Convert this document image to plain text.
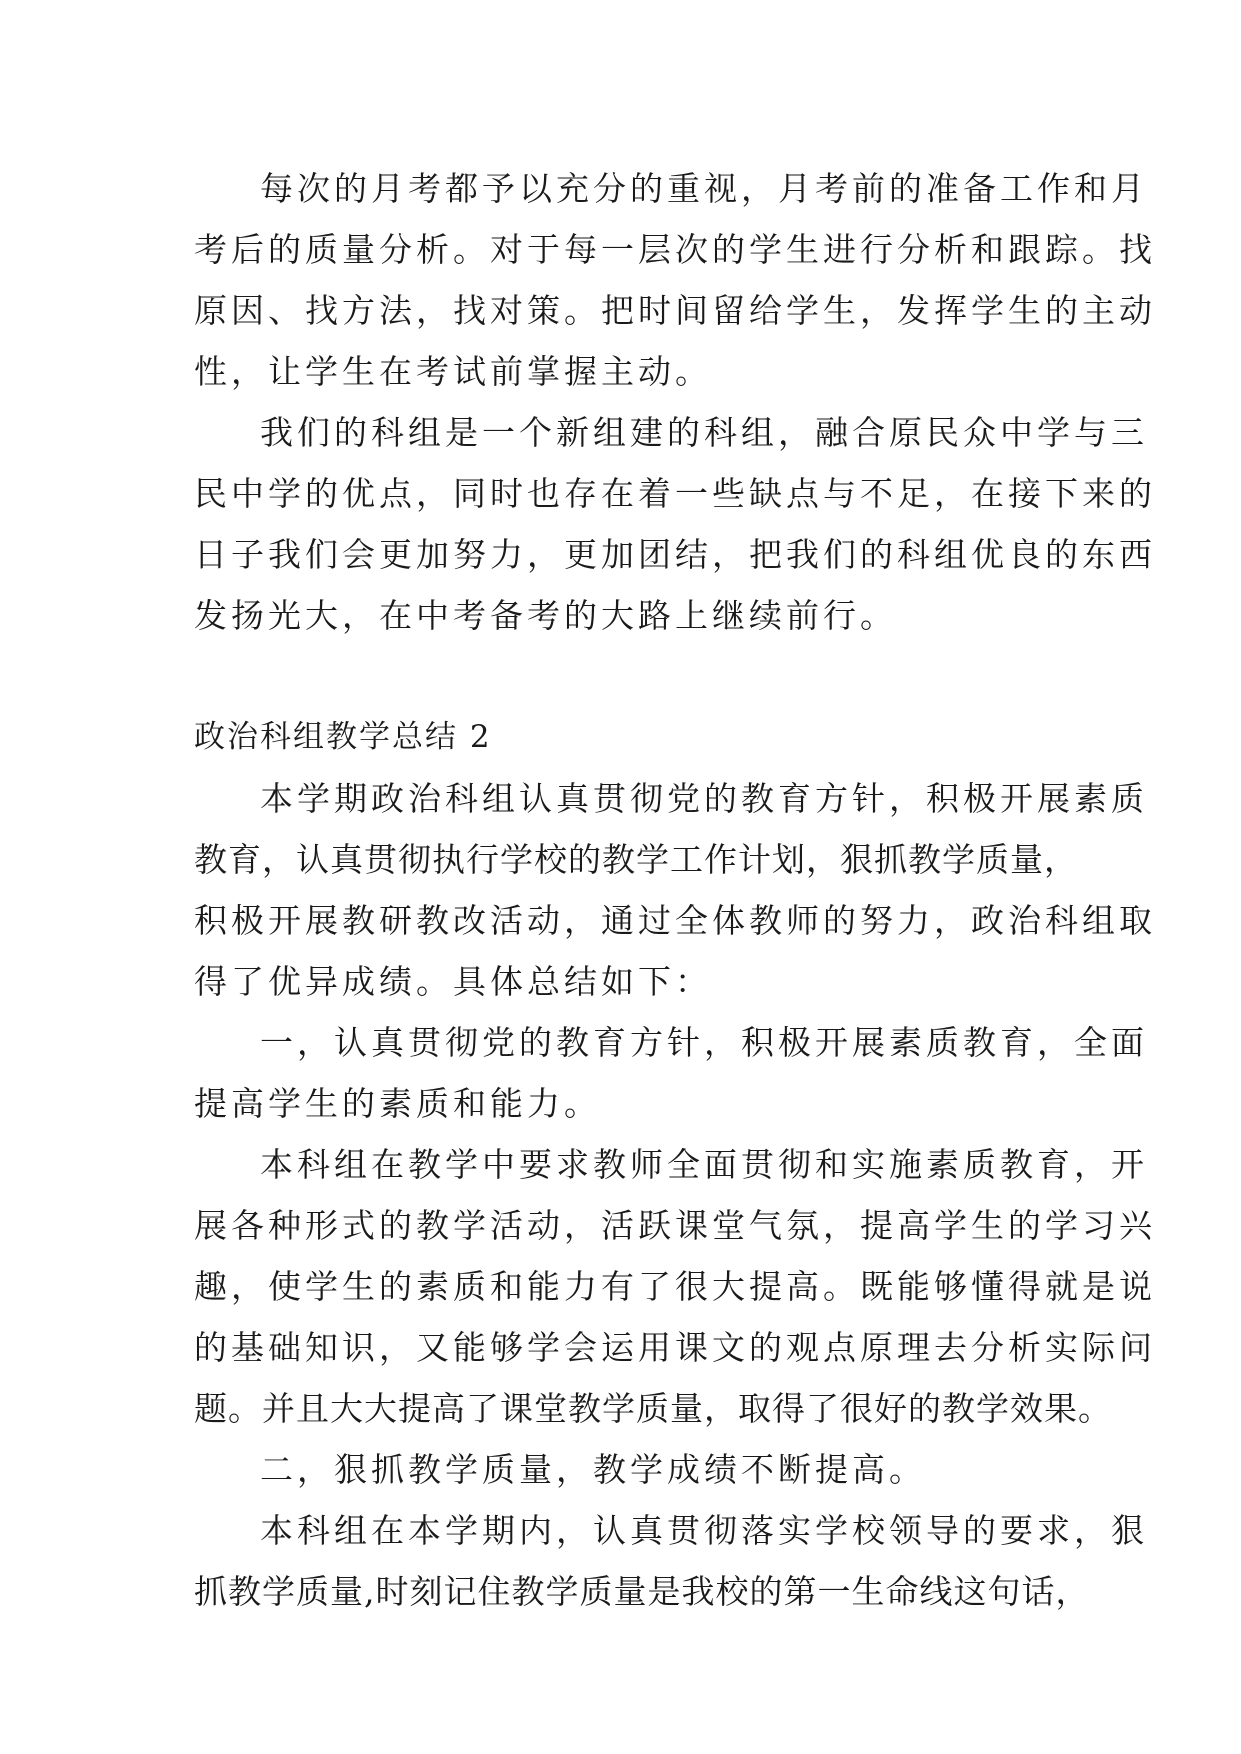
每次的月考都予以充分的重视，月考前的准备工作和月
考后的质量分析。对于每一层次的学生进行分析和跟踪。找
原因、找方法，找对策。把时间留给学生，发挥学生的主动
性，让学生在考试前掌握主动。
我们的科组是一个新组建的科组，融合原民众中学与三
民中学的优点，同时也存在着一些缺点与不足，在接下来的
日子我们会更加努力，更加团结，把我们的科组优良的东西
发扬光大，在中考备考的大路上继续前行。
政治科组教学总结 2
本学期政治科组认真贯彻党的教育方针，积极开展素质
教育，认真贯彻执行学校的教学工作计划，狠抓教学质量，
积极开展教研教改活动，通过全体教师的努力，政治科组取
得了优异成绩。具体总结如下：
一，认真贯彻党的教育方针，积极开展素质教育，全面
提高学生的素质和能力。
本科组在教学中要求教师全面贯彻和实施素质教育，开
展各种形式的教学活动，活跃课堂气氛，提高学生的学习兴
趣，使学生的素质和能力有了很大提高。既能够懂得就是说
的基础知识，又能够学会运用课文的观点原理去分析实际问
题。并且大大提高了课堂教学质量，取得了很好的教学效果。
二，狠抓教学质量，教学成绩不断提高。
本科组在本学期内，认真贯彻落实学校领导的要求，狠
抓教学质量,时刻记住教学质量是我校的第一生命线这句话，
